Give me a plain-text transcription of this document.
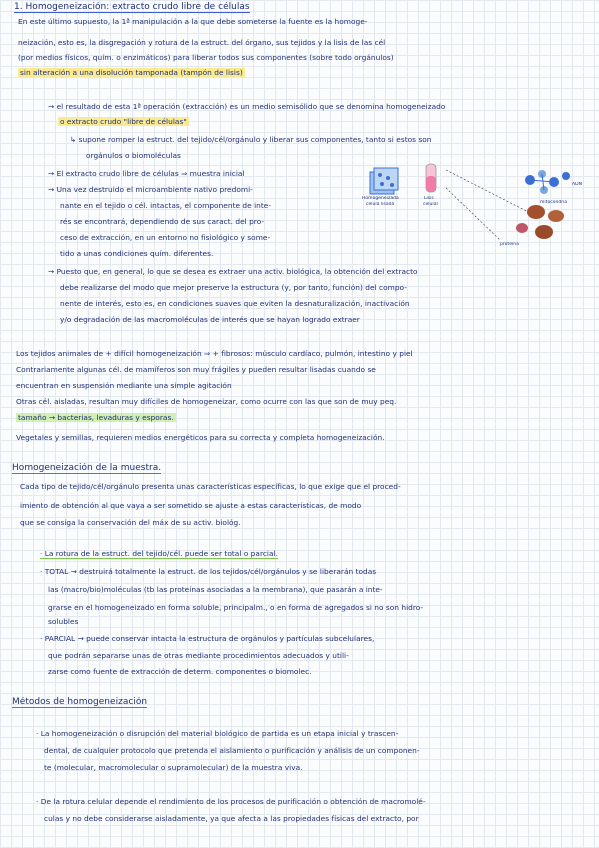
1. Homogeneización: extracto crudo libre de células

En este último supuesto, la 1ª manipulación a la que debe someterse la fuente es la homoge-

neización, esto es, la disgregación y rotura de la estruct. del órgano, sus tejidos y la lisis de las cél

(por medios físicos, quím. o enzimáticos) para liberar todos sus componentes (sobre todo orgánulos)

sin alteración a una disolución tamponada (tampón de lisis)

→ el resultado de esta 1ª operación (extracción) es un medio semisólido que se denomina homogeneizado

o extracto crudo "libre de células"

↳ supone romper la estruct. del tejido/cél/orgánulo y liberar sus componentes, tanto si estos son

orgánulos o biomoléculas

→ El extracto crudo libre de células ⇒ muestra inicial

→ Una vez destruido el microambiente nativo predomi-

nante en el tejido o cél. intactas, el componente de inte-

rés se encontrará, dependiendo de sus caract. del pro-

ceso de extracción, en un entorno no fisiológico y some-

tido a unas condiciones quím. diferentes.

Homogeneizada
célula lisada
Lisis
celular
ADN
mitocondria
proteína

→ Puesto que, en general, lo que se desea es extraer una activ. biológica, la obtención del extracto

debe realizarse del modo que mejor preserve la estructura (y, por tanto, función) del compo-

nente de interés, esto es, en condiciones suaves que eviten la desnaturalización, inactivación

y/o degradación de las macromoléculas de interés que se hayan logrado extraer

Los tejidos animales de + difícil homogeneización ⇒ + fibrosos: músculo cardíaco, pulmón, intestino y piel

Contrariamente algunas cél. de mamíferos son muy frágiles y pueden resultar lisadas cuando se

encuentran en suspensión mediante una simple agitación

Otras cél. aisladas, resultan muy difíciles de homogeneizar, como ocurre con las que son de muy peq.

tamaño → bacterias, levaduras y esporas.

Vegetales y semillas, requieren medios energéticos para su correcta y completa homogeneización.

Homogeneización de la muestra.

Cada tipo de tejido/cél/orgánulo presenta unas características específicas, lo que exige que el proced-

imiento de obtención al que vaya a ser sometido se ajuste a estas características, de modo

que se consiga la conservación del máx de su activ. biológ.

· La rotura de la estruct. del tejido/cél. puede ser total o parcial.

· TOTAL → destruirá totalmente la estruct. de los tejidos/cél/orgánulos y se liberarán todas

las (macro/bio)moléculas (tb las proteínas asociadas a la membrana), que pasarán a inte-

grarse en el homogeneizado en forma soluble, principalm., o en forma de agregados si no son hidro-

solubles

· PARCIAL → puede conservar intacta la estructura de orgánulos y partículas subcelulares,

que podrán separarse unas de otras mediante procedimientos adecuados y utili-

zarse como fuente de extracción de determ. componentes o biomolec.

Métodos de homogeneización

· La homogeneización o disrupción del material biológico de partida es un etapa inicial y trascen-

dental, de cualquier protocolo que pretenda el aislamiento o purificación y análisis de un componen-

te (molecular, macromolecular o supramolecular) de la muestra viva.

· De la rotura celular depende el rendimiento de los procesos de purificación o obtención de macromolé-

culas y no debe considerarse aisladamente, ya que afecta a las propiedades físicas del extracto, por
